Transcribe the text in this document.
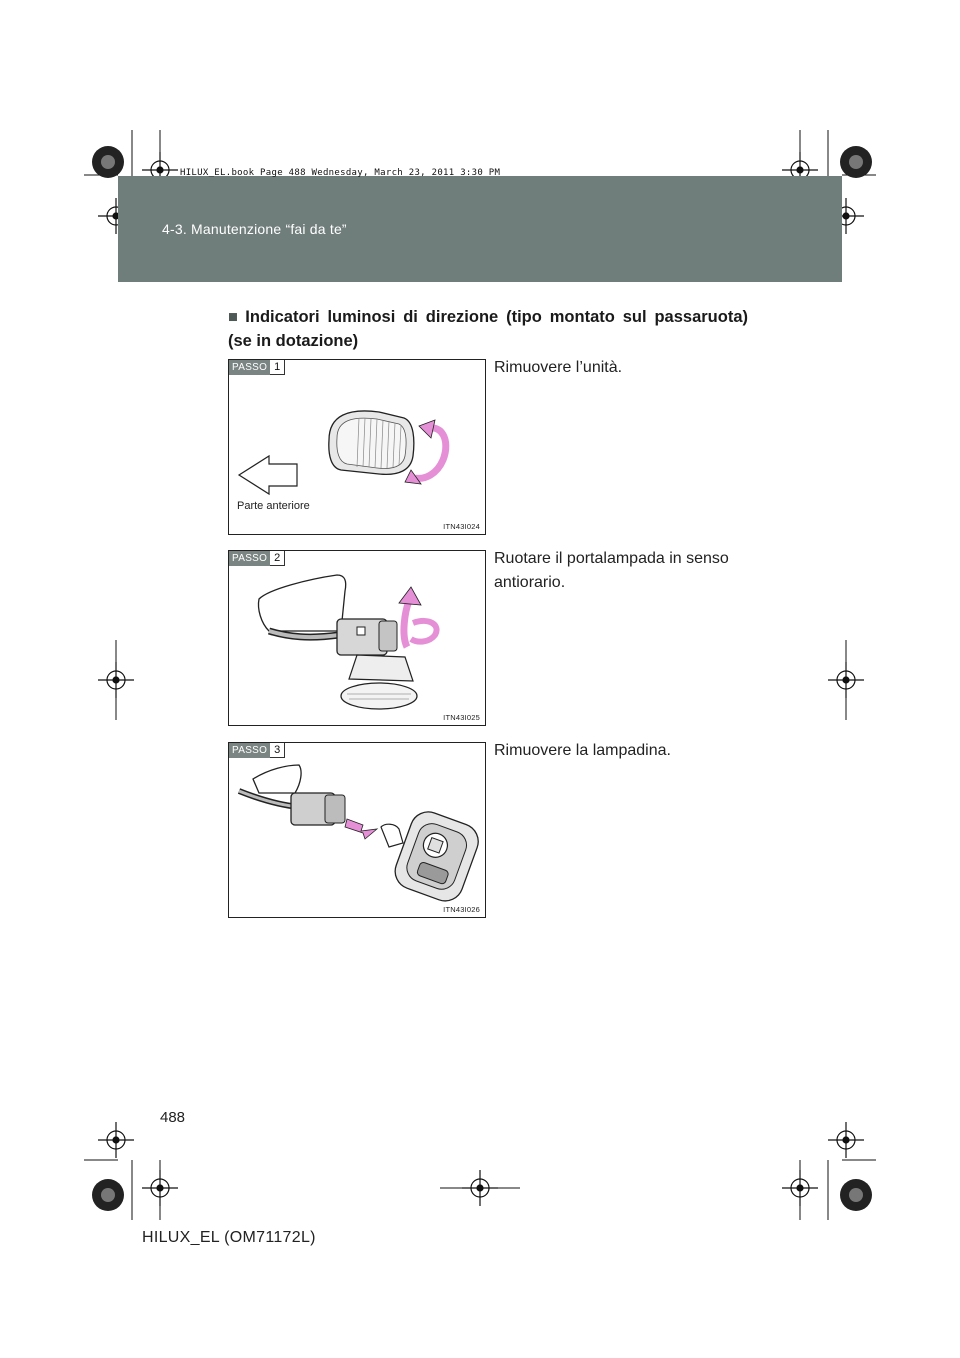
HILUX_EL.book Page 488 Wednesday, March 23, 2011 3:30 PM
4-3. Manutenzione “fai da te”
■ Indicatori luminosi di direzione (tipo montato sul passaruota)
(se in dotazione)
PASSO 1
Parte anteriore
ITN43I024
Rimuovere l’unità.
PASSO 2
ITN43I025
Ruotare il portalampada in senso antiorario.
PASSO 3
ITN43I026
Rimuovere la lampadina.
488
HILUX_EL (OM71172L)
